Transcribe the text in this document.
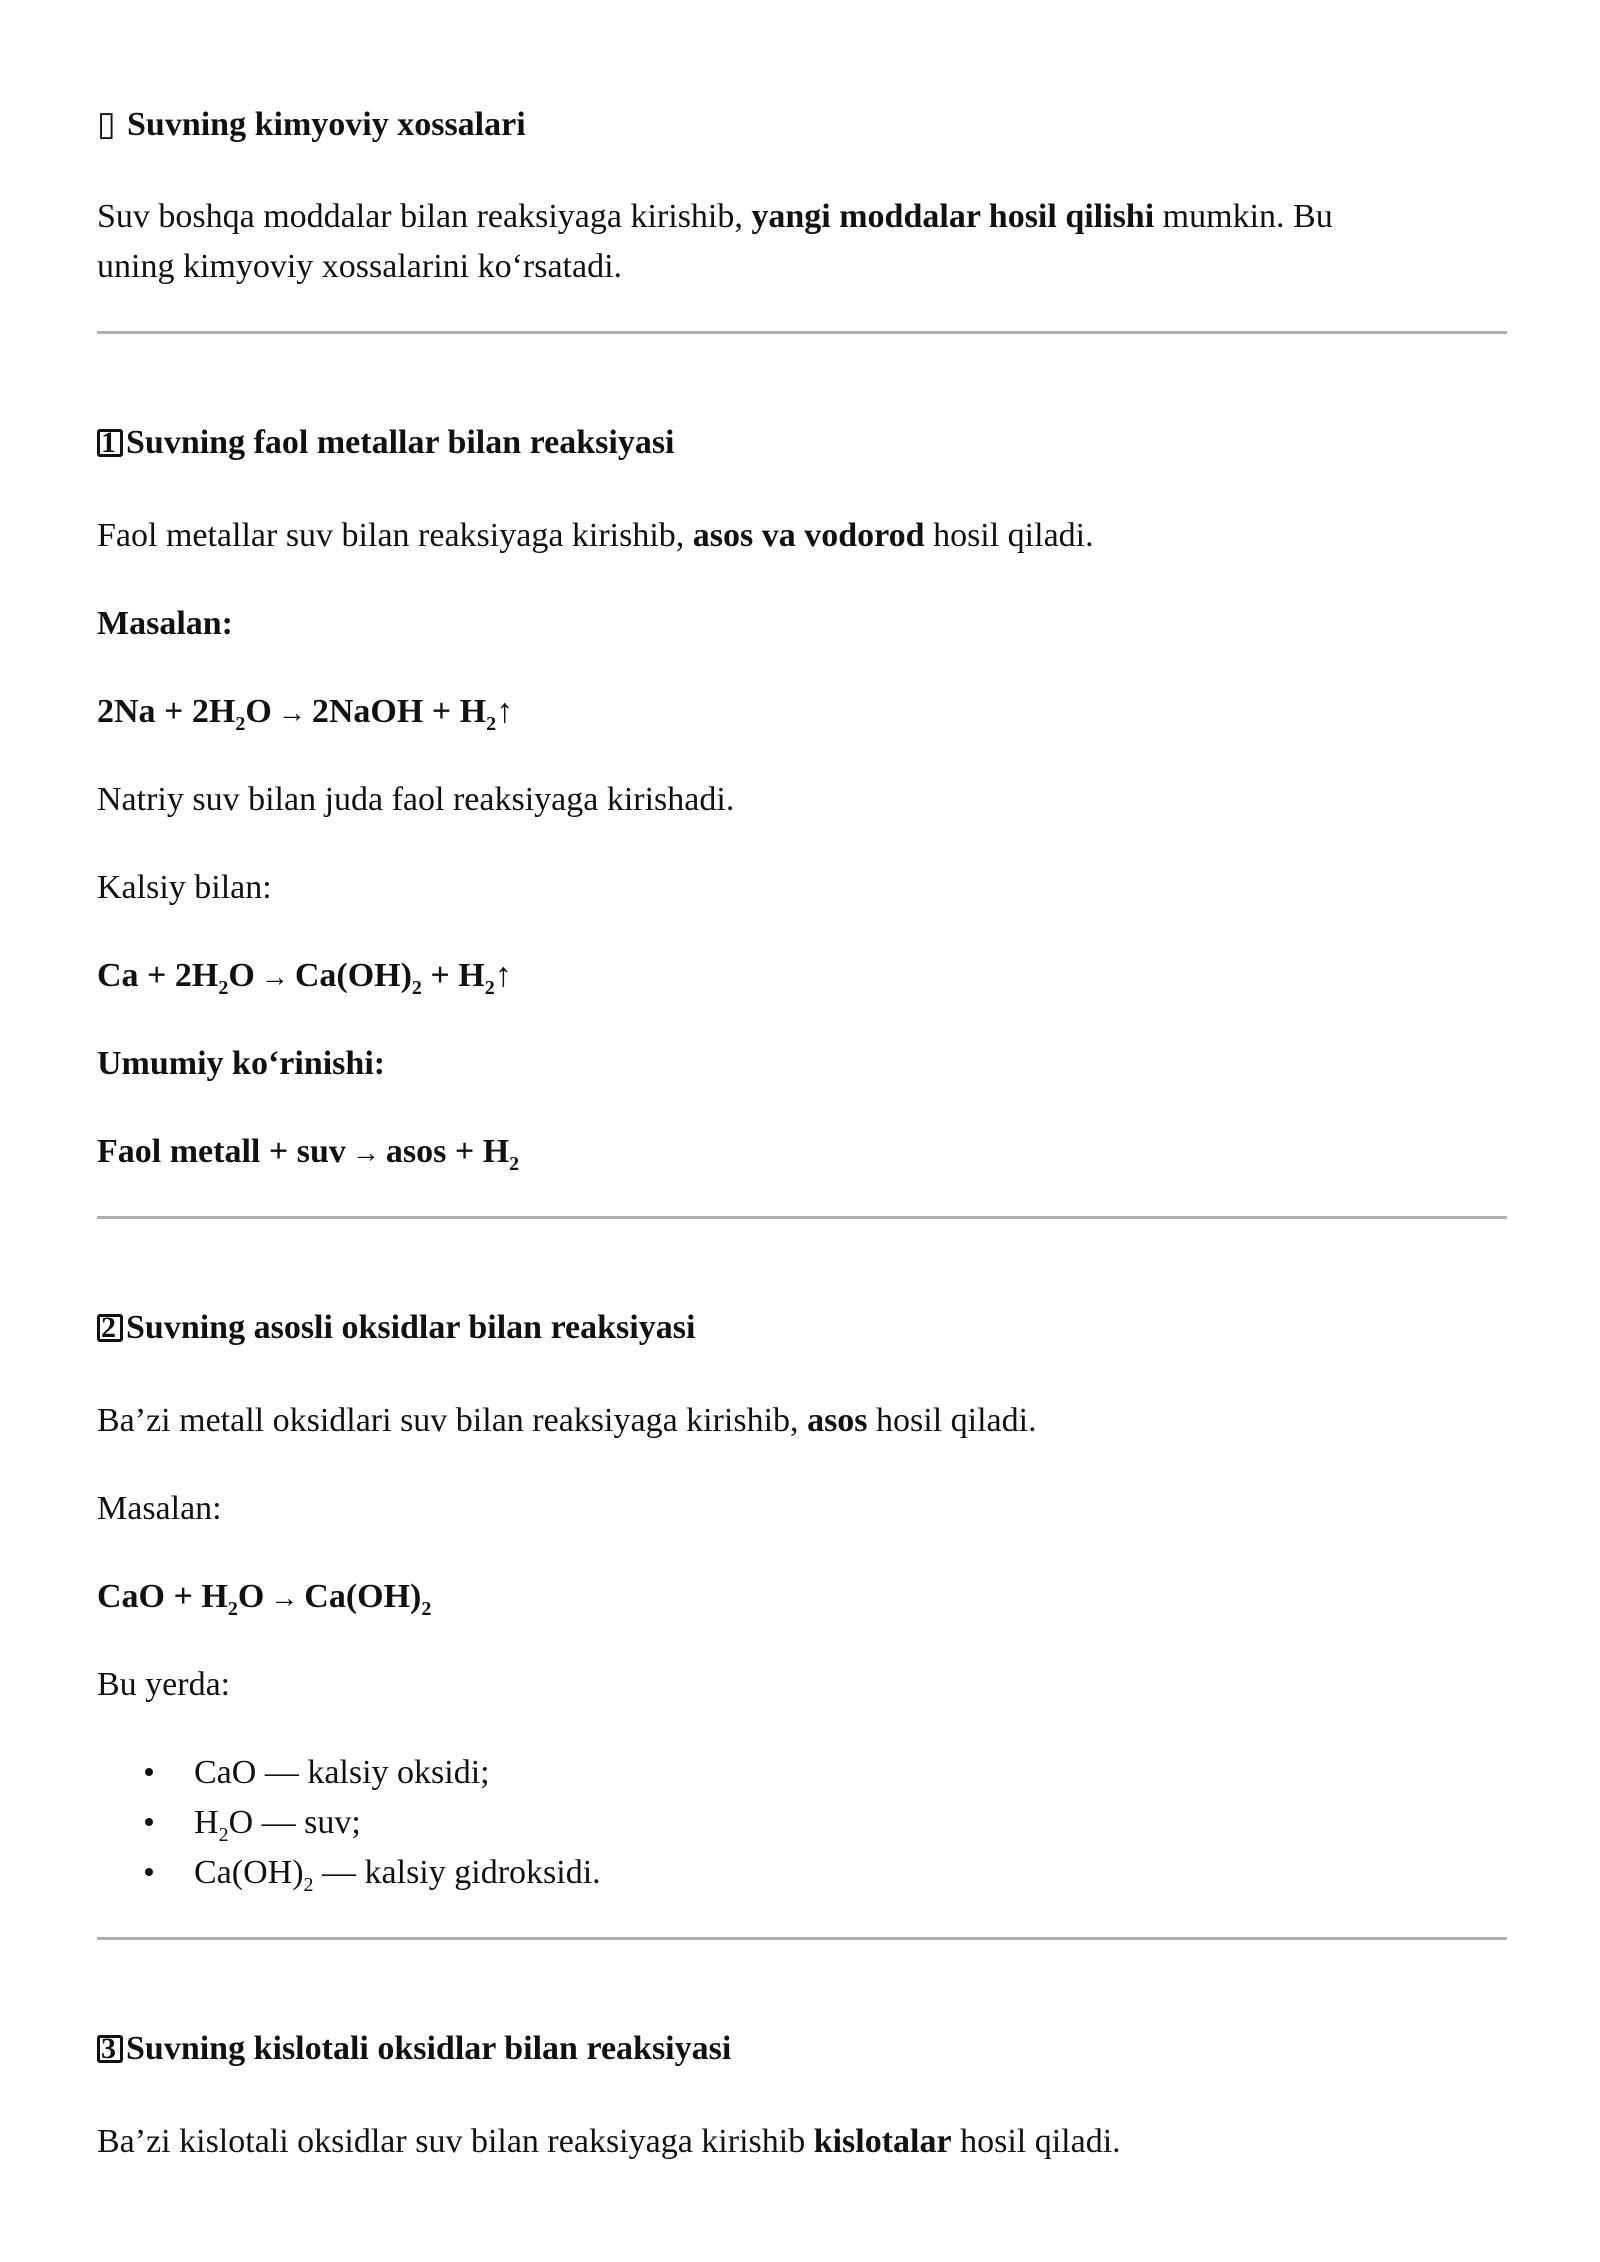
▯ Suvning kimyoviy xossalari
Suv boshqa moddalar bilan reaksiyaga kirishib, yangi moddalar hosil qilishi mumkin. Bu
uning kimyoviy xossalarini ko‘rsatadi.
1 Suvning faol metallar bilan reaksiyasi
Faol metallar suv bilan reaksiyaga kirishib, asos va vodorod hosil qiladi.
Masalan:
$2Na + 2H_2O$ → 2NaOH + $H_2↑$
Natriy suv bilan juda faol reaksiyaga kirishadi.
Kalsiy bilan:
$Ca + 2H_2O \to Ca(OH)_2$ + $H_2↑$
Umumiy ko‘rinishi:
Faol metall + suv → asos + $H_2$
2 Suvning asosli oksidlar bilan reaksiyasi
Ba’zi metall oksidlari suv bilan reaksiyaga kirishib, asos hosil qiladi.
Masalan:
CaO + $H_2O \to Ca(OH)_2$
Bu yerda:
CaO — kalsiy oksidi;
$H_2O$ — suv;
$Ca(OH)_2$ — kalsiy gidroksidi.
3 Suvning kislotali oksidlar bilan reaksiyasi
Ba’zi kislotali oksidlar suv bilan reaksiyaga kirishib kislotalar hosil qiladi.
